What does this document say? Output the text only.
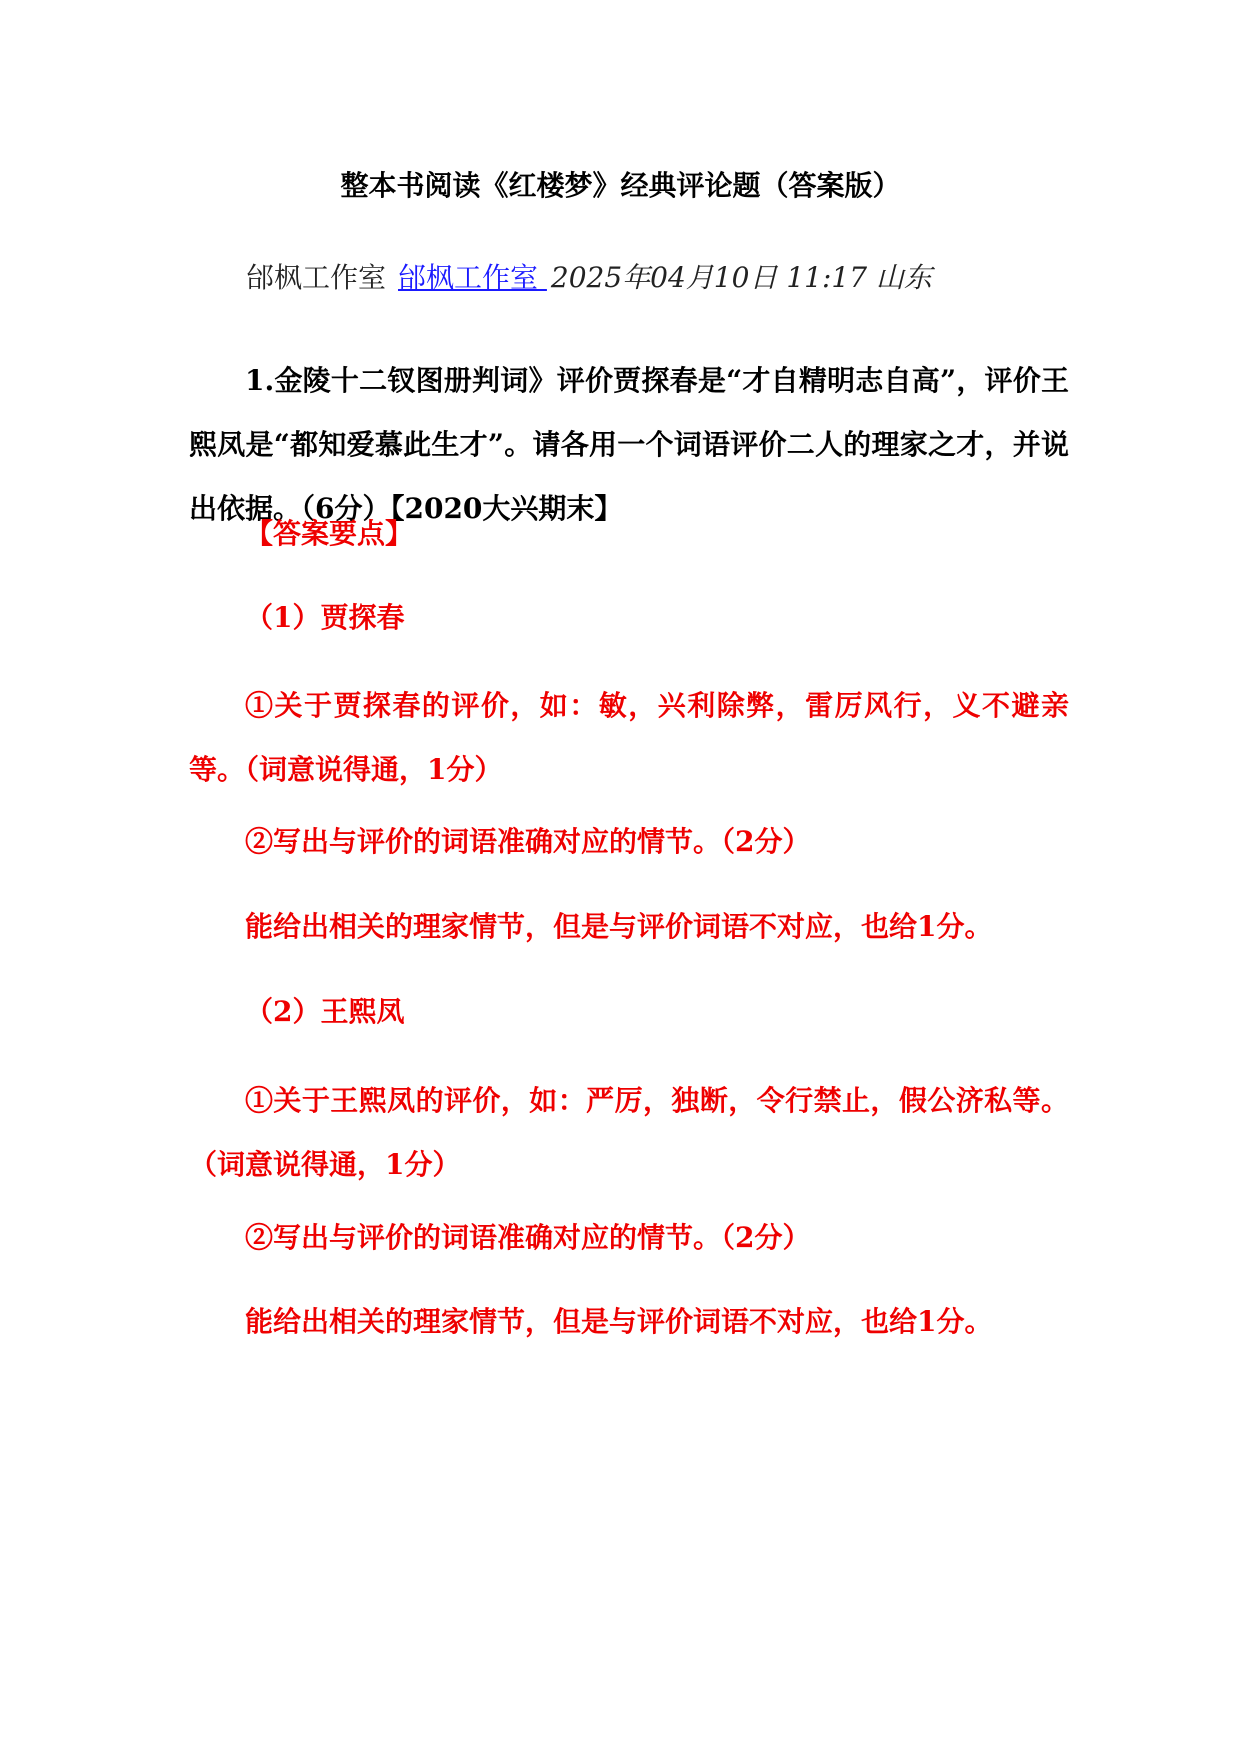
整本书阅读《红楼梦》经典评论题（答案版）
邰枫工作室 邰枫工作室 2025年04月10日 11:17 山东
1.金陵十二钗图册判词》评价贾探春是“才自精明志自高”，评价王熙凤是“都知爱慕此生才”。请各用一个词语评价二人的理家之才，并说出依据。（6分）【2020大兴期末】
【答案要点】
（1）贾探春
①关于贾探春的评价，如：敏，兴利除弊，雷厉风行，义不避亲等。（词意说得通，1分）
②写出与评价的词语准确对应的情节。（2分）
能给出相关的理家情节，但是与评价词语不对应，也给1分。
（2）王熙凤
①关于王熙凤的评价，如：严厉，独断，令行禁止，假公济私等。（词意说得通，1分）
②写出与评价的词语准确对应的情节。（2分）
能给出相关的理家情节，但是与评价词语不对应，也给1分。
